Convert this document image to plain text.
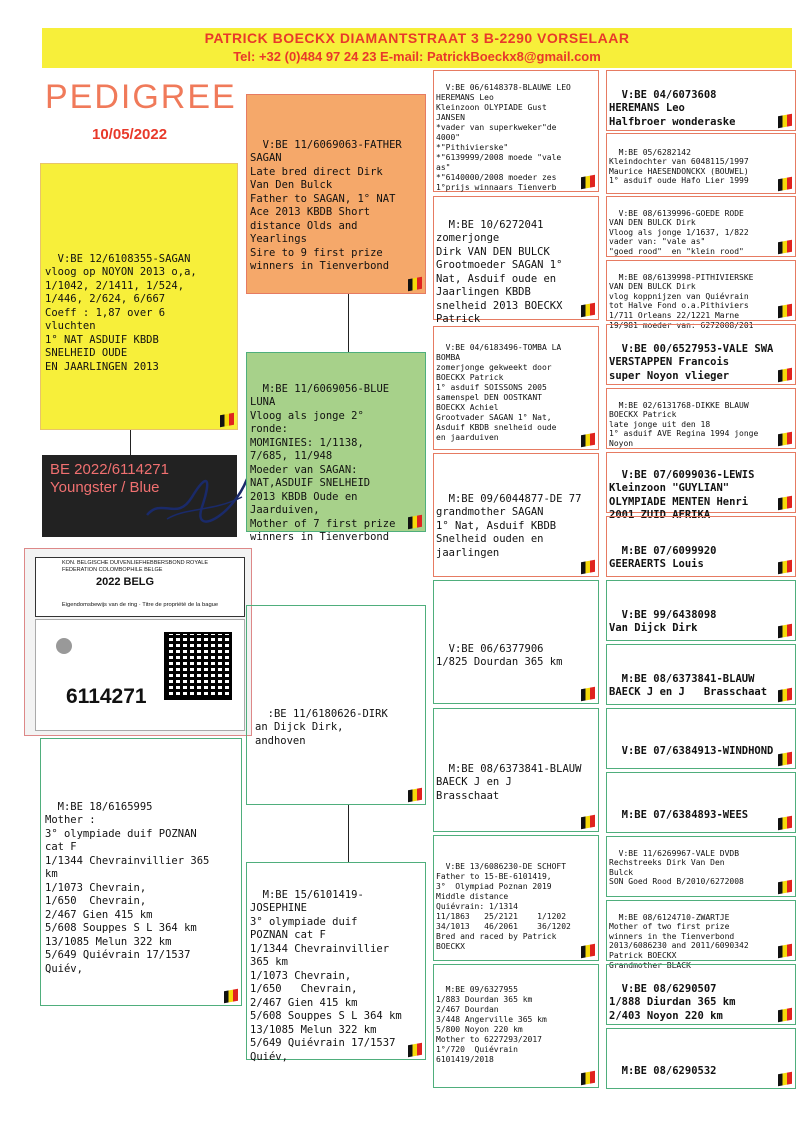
PATRICK BOECKX DIAMANTSTRAAT 3 B-2290 VORSELAAR
Tel: +32 (0)484 97 24 23 E-mail: PatrickBoeckx8@gmail.com
PEDIGREE
10/05/2022

V:BE 12/6108355-SAGAN
vloog op NOYON 2013 o,a,
1/1042, 2/1411, 1/524,
1/446, 2/624, 6/667
Coeff : 1,87 over 6
vluchten
1° NAT ASDUIF KBDB
SNELHEID OUDE
EN JAARLINGEN 2013

BE 2022/6114271
Youngster / Blue
KON. BELGISCHE DUIVENLIEFHEBBERSBOND ROYALE FEDERATION COLOMBOPHILE BELGE
2022 BELG
Eigendomsbewijs van de ring · Titre de propriété de la bague
6114271

M:BE 18/6165995
Mother :
3° olympiade duif POZNAN
cat F
1/1344 Chevrainvillier 365
km
1/1073 Chevrain,
1/650  Chevrain,
2/467 Gien 415 km
5/608 Souppes S L 364 km
13/1085 Melun 322 km
5/649 Quiévrain 17/1537
Quiév,

V:BE 11/6069063-FATHER
SAGAN
Late bred direct Dirk
Van Den Bulck
Father to SAGAN, 1° NAT
Ace 2013 KBDB Short
distance Olds and
Yearlings
Sire to 9 first prize
winners in Tienverbond

M:BE 11/6069056-BLUE
LUNA
Vloog als jonge 2°
ronde:
MOMIGNIES: 1/1138,
7/685, 11/948
Moeder van SAGAN:
NAT,ASDUIF SNELHEID
2013 KBDB Oude en
Jaarduiven,
Mother of 7 first prize
winners in Tienverbond

:BE 11/6180626-DIRK
an Dijck Dirk,
andhoven

M:BE 15/6101419-
JOSEPHINE
3° olympiade duif
POZNAN cat F
1/1344 Chevrainvillier
365 km
1/1073 Chevrain,
1/650   Chevrain,
2/467 Gien 415 km
5/608 Souppes S L 364 km
13/1085 Melun 322 km
5/649 Quiévrain 17/1537
Quiév,

V:BE 06/6148378-BLAUWE LEO
HEREMANS Leo
Kleinzoon OLYPIADE Gust
JANSEN
*vader van superkweker"de
4000"
*"Pithivierske"
*"6139999/2008 moede "vale
as"
*"6140000/2008 moeder zes
1°prijs winnaars Tienverb

M:BE 10/6272041
zomerjonge
Dirk VAN DEN BULCK
Grootmoeder SAGAN 1°
Nat, Asduif oude en
Jaarlingen KBDB
snelheid 2013 BOECKX
Patrick

V:BE 04/6183496-TOMBA LA
BOMBA
zomerjonge gekweekt door
BOECKX Patrick
1° asduif SOISSONS 2005
samenspel DEN OOSTKANT
BOECKX Achiel
Grootvader SAGAN 1° Nat,
Asduif KBDB snelheid oude
en jaarduiven

M:BE 09/6044877-DE 77
grandmother SAGAN
1° Nat, Asduif KBDB
Snelheid ouden en
jaarlingen

V:BE 06/6377906
1/825 Dourdan 365 km

M:BE 08/6373841-BLAUW
BAECK J en J
Brasschaat

V:BE 13/6086230-DE SCHOFT
Father to 15-BE-6101419,
3°  Olympiad Poznan 2019
Middle distance
Quiévrain: 1/1314
11/1863   25/2121    1/1202
34/1013   46/2061    36/1202
Bred and raced by Patrick
BOECKX

M:BE 09/6327955
1/883 Dourdan 365 km
2/467 Dourdan
3/448 Angerville 365 km
5/800 Noyon 220 km
Mother to 6227293/2017
1°/720  Quiévrain
6101419/2018

V:BE 04/6073608
HEREMANS Leo
Halfbroer wonderaske

M:BE 05/6282142
Kleindochter van 6048115/1997
Maurice HAESENDONCKX (BOUWEL)
1° asduif oude Hafo Lier 1999

V:BE 08/6139996-GOEDE RODE
VAN DEN BULCK Dirk
Vloog als jonge 1/1637, 1/822
vader van: "vale as"
"goed rood"  en "klein rood"

M:BE 08/6139998-PITHIVIERSKE
VAN DEN BULCK Dirk
vlog koppnijzen van Quiévrain
tot Halve Fond o.a.Pithiviers
1/711 Orleans 22/1221 Marne
19/981 moeder van: 6272008/201

V:BE 00/6527953-VALE SWA
VERSTAPPEN Francois
super Noyon vlieger

M:BE 02/6131768-DIKKE BLAUW
BOECKX Patrick
late jonge uit den 18
1° asduif AVE Regina 1994 jonge
Noyon

V:BE 07/6099036-LEWIS
Kleinzoon "GUYLIAN"
OLYMPIADE MENTEN Henri
2001 ZUID AFRIKA

M:BE 07/6099920
GEERAERTS Louis

V:BE 99/6438098
Van Dijck Dirk

M:BE 08/6373841-BLAUW
BAECK J en J   Brasschaat

V:BE 07/6384913-WINDHOND

M:BE 07/6384893-WEES

V:BE 11/6269967-VALE DVDB
Rechstreeks Dirk Van Den
Bulck
SON Goed Rood B/2010/6272008

M:BE 08/6124710-ZWARTJE
Mother of two first prize
winners in the Tienverbond
2013/6086230 and 2011/6090342
Patrick BOECKX
Grandmother BLACK

V:BE 08/6290507
1/888 Diurdan 365 km
2/403 Noyon 220 km

M:BE 08/6290532
